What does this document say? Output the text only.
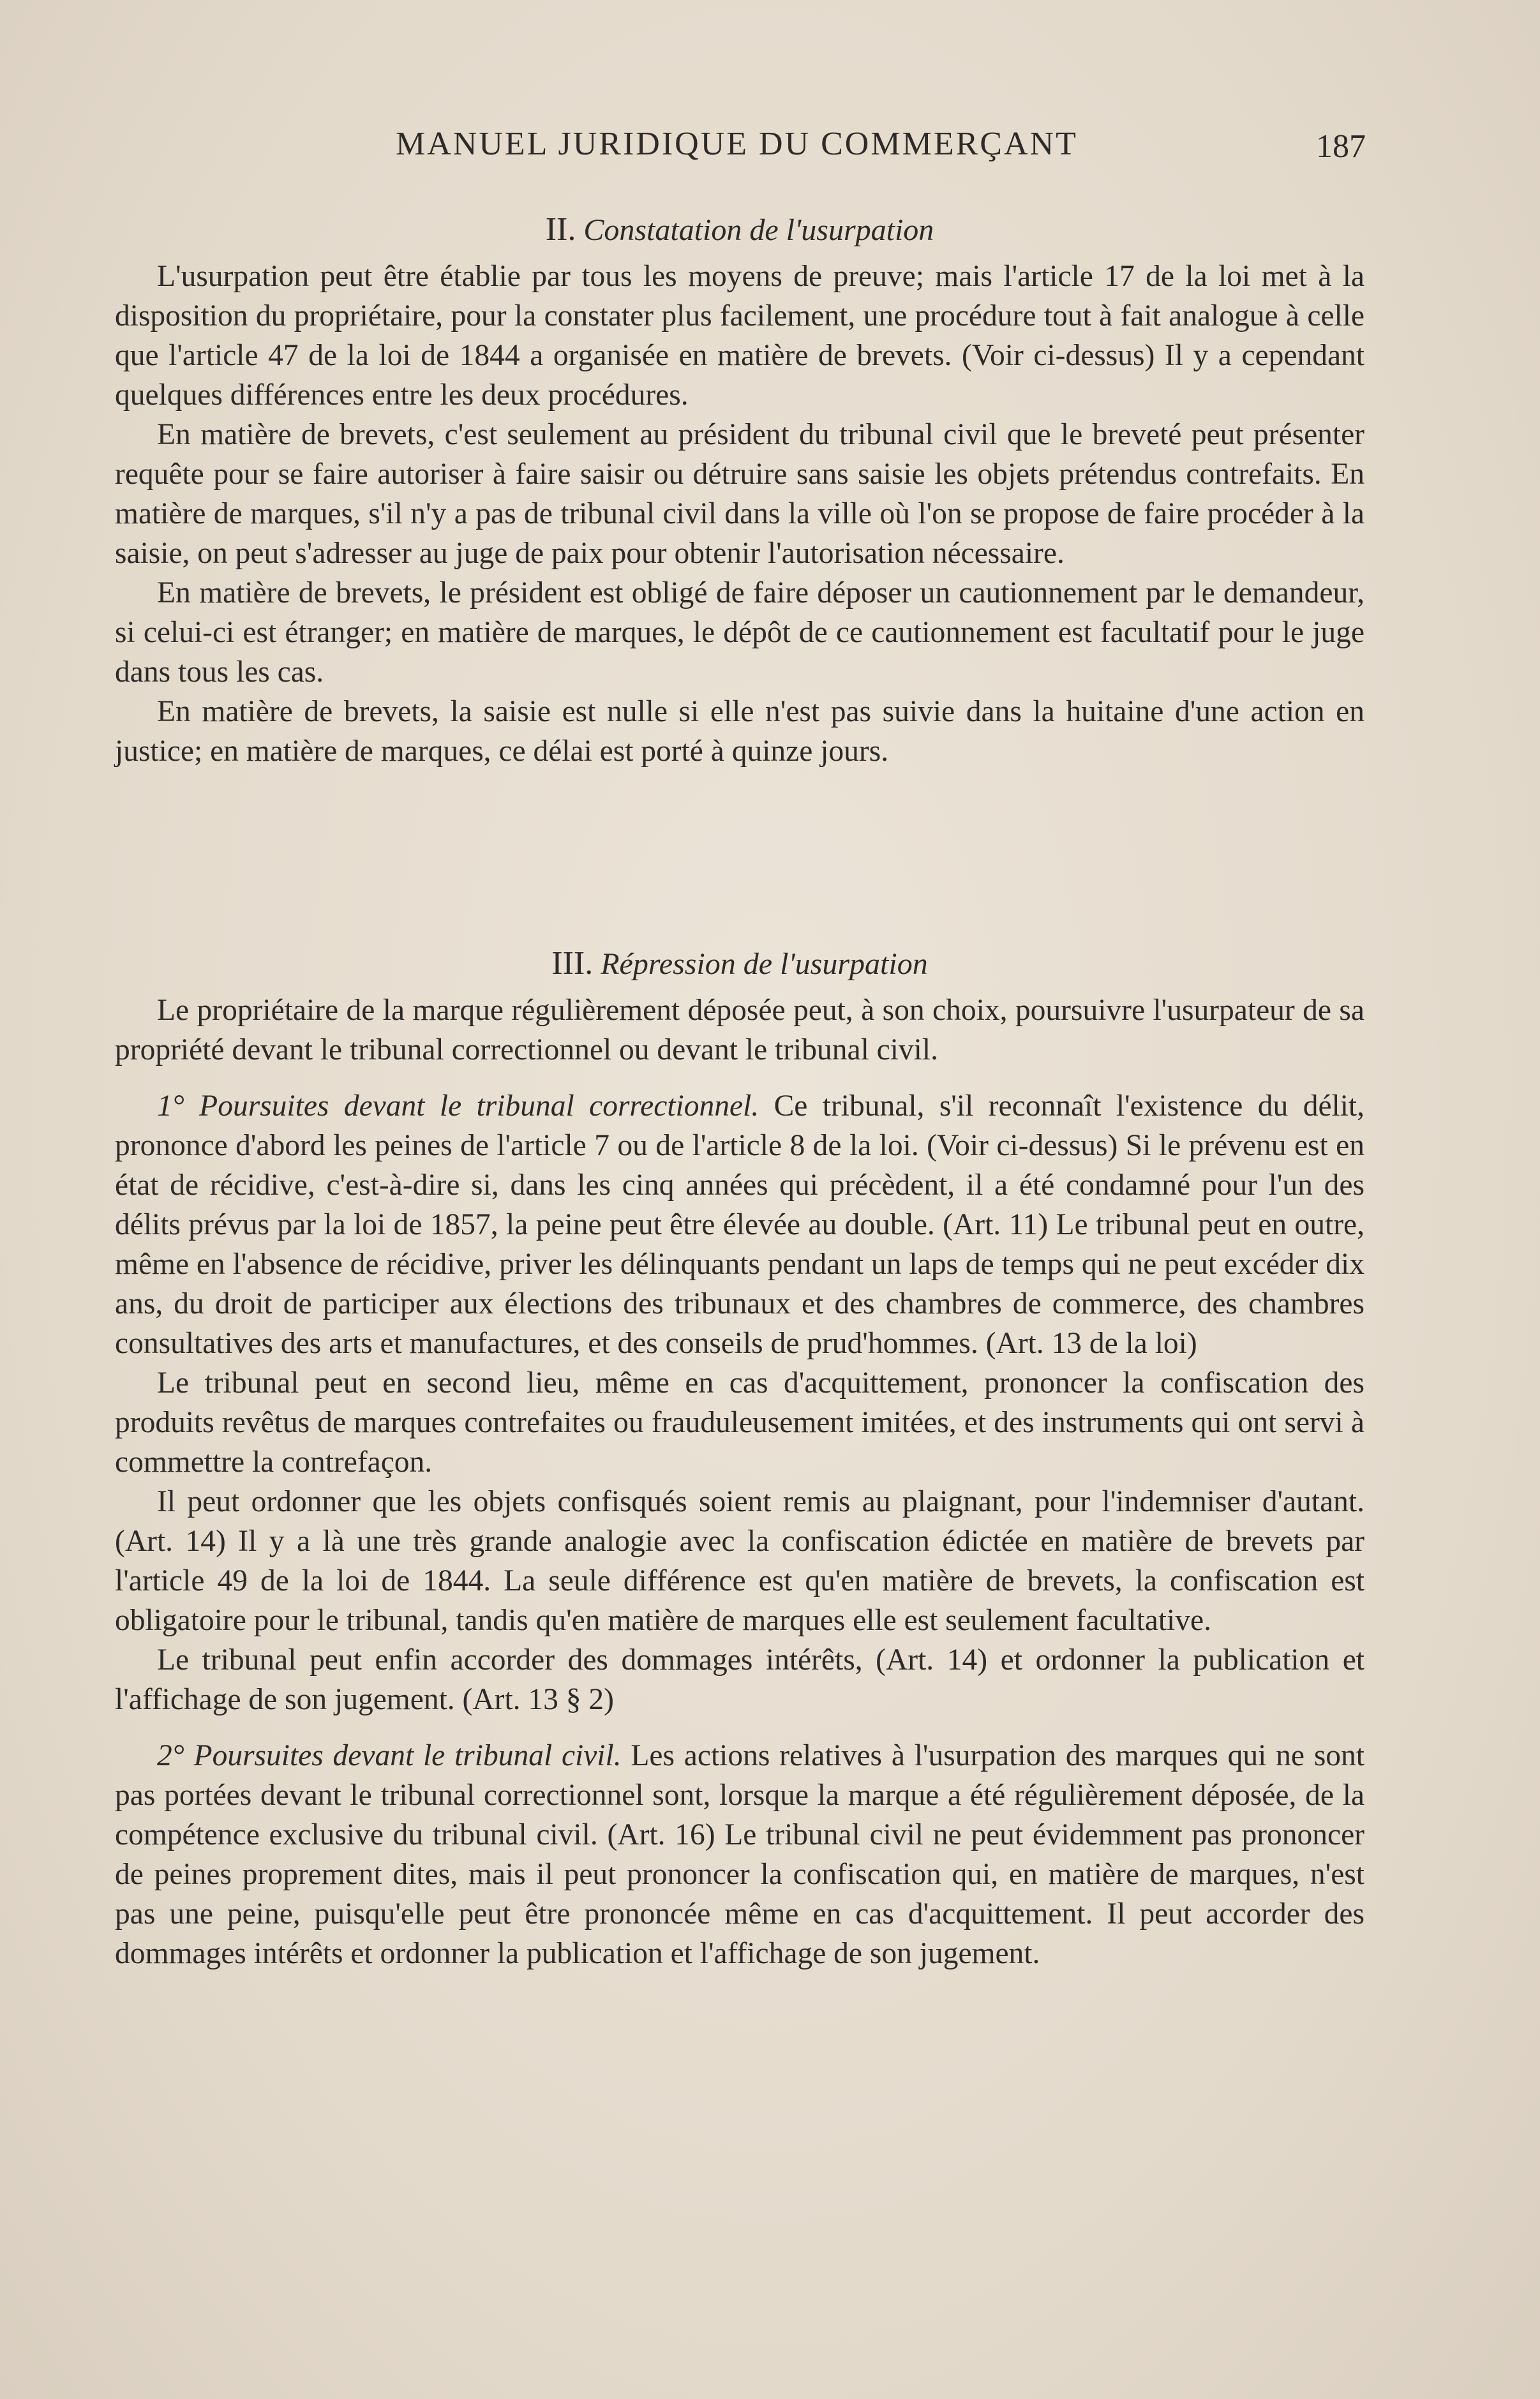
MANUEL JURIDIQUE DU COMMERÇANT	187
II. Constatation de l'usurpation

L'usurpation peut être établie par tous les moyens de preuve; mais l'article 17 de la loi met à la disposition du propriétaire, pour la constater plus facilement, une procédure tout à fait analogue à celle que l'article 47 de la loi de 1844 a organisée en matière de brevets. (Voir ci-dessus) Il y a cependant quelques différences entre les deux procédures.

En matière de brevets, c'est seulement au président du tribunal civil que le breveté peut présenter requête pour se faire autoriser à faire saisir ou détruire sans saisie les objets prétendus contrefaits. En matière de marques, s'il n'y a pas de tribunal civil dans la ville où l'on se propose de faire procéder à la saisie, on peut s'adresser au juge de paix pour obtenir l'autorisation nécessaire.

En matière de brevets, le président est obligé de faire déposer un cautionnement par le demandeur, si celui-ci est étranger; en matière de marques, le dépôt de ce cautionnement est facultatif pour le juge dans tous les cas.

En matière de brevets, la saisie est nulle si elle n'est pas suivie dans la huitaine d'une action en justice; en matière de marques, ce délai est porté à quinze jours.

III. Répression de l'usurpation

Le propriétaire de la marque régulièrement déposée peut, à son choix, poursuivre l'usurpateur de sa propriété devant le tribunal correctionnel ou devant le tribunal civil.

1° Poursuites devant le tribunal correctionnel. Ce tribunal, s'il reconnaît l'existence du délit, prononce d'abord les peines de l'article 7 ou de l'article 8 de la loi. (Voir ci-dessus) Si le prévenu est en état de récidive, c'est-à-dire si, dans les cinq années qui précèdent, il a été condamné pour l'un des délits prévus par la loi de 1857, la peine peut être élevée au double. (Art. 11) Le tribunal peut en outre, même en l'absence de récidive, priver les délinquants pendant un laps de temps qui ne peut excéder dix ans, du droit de participer aux élections des tribunaux et des chambres de commerce, des chambres consultatives des arts et manufactures, et des conseils de prud'hommes. (Art. 13 de la loi)

Le tribunal peut en second lieu, même en cas d'acquittement, prononcer la confiscation des produits revêtus de marques contrefaites ou frauduleusement imitées, et des instruments qui ont servi à commettre la contrefaçon.

Il peut ordonner que les objets confisqués soient remis au plaignant, pour l'indemniser d'autant. (Art. 14) Il y a là une très grande analogie avec la confiscation édictée en matière de brevets par l'article 49 de la loi de 1844. La seule différence est qu'en matière de brevets, la confiscation est obligatoire pour le tribunal, tandis qu'en matière de marques elle est seulement facultative.

Le tribunal peut enfin accorder des dommages intérêts, (Art. 14) et ordonner la publication et l'affichage de son jugement. (Art. 13 § 2)

2° Poursuites devant le tribunal civil. Les actions relatives à l'usurpation des marques qui ne sont pas portées devant le tribunal correctionnel sont, lorsque la marque a été régulièrement déposée, de la compétence exclusive du tribunal civil. (Art. 16) Le tribunal civil ne peut évidemment pas prononcer de peines proprement dites, mais il peut prononcer la confiscation qui, en matière de marques, n'est pas une peine, puisqu'elle peut être prononcée même en cas d'acquittement. Il peut accorder des dommages intérêts et ordonner la publication et l'affichage de son jugement.
